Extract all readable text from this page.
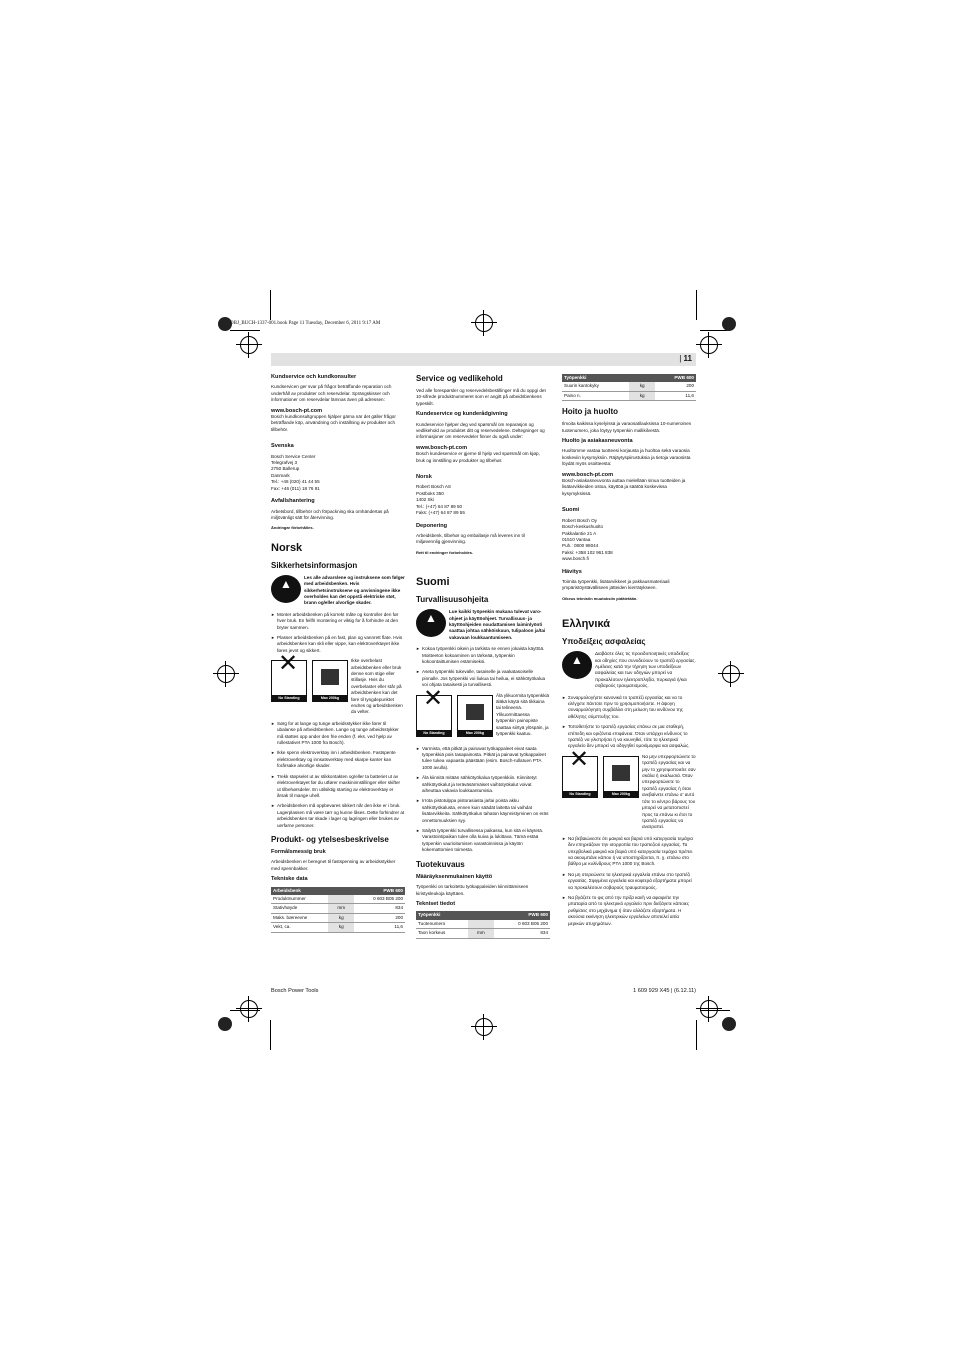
OBJ_BUCH-1337-001.book Page 11 Tuesday, December 6, 2011 9:17 AM
| 11

Kundservice och kundkonsulter

Kundservicen ger svar på frågor beträffande reparation och underhåll av produkter och reservdelar. Sprängskisser och informationer om reservdelar lämnas även på adressen:

www.bosch-pt.com

Bosch kundkonsultgruppen hjälper gärna när det gäller frågor beträffande köp, användning och inställning av produkter och tillbehör.

Svenska

Bosch Service Center
Telegrafvej 3
2750 Ballerup
Danmark
Tel.: +46 (020) 41 44 55
Fax: +46 (011) 18 76 91

Avfallshantering

Arbetsbord, tillbehör och förpackning ska omhändertas på miljövänligt sätt för återvinning.

Ändringar förbehålles.

Norsk
Sikkerhetsinformasjon
▲
Les alle advarslene og instruksene som følger med arbeidsbenken. Hvis sikkerhetsinstruksene og anvisningene ikke overholdes kan det oppstå elektriske støt, brann og/eller alvorlige skader.

► Monter arbeidsbenken på korrekt måte og kontroller den før hver bruk. En feilfri montering er viktig for å forhindre at den bryter sammen.

► Plasser arbeidsbenken på en fast, plan og vannrett flate. Hvis arbeidsbenken kan skli eller vippe, kan elektroverktøyet ikke føres jevnt og sikkert.

✕ No Standing	Max 200kg
Ikke overbelast arbeidsbenken eller bruk denne som stige eller stillasje. Hvis du overbelaster eller står på arbeidsbenken kan det føre til tyngdepunktet endres og arbeidsbenken da velter.

► Sørg for at lange og tunge arbeidsstykker ikke fører til ubalanse på arbeidsbenken. Lange og tunge arbeidsstykker må støttes opp ander den frie enden (f. eks. ved hjelp av rullestativet PTA 1000 fra Bosch).

► Ikke spenn elektroverktøy inn i arbeidsbenken. Fastspente elektroverktøy og innsatsverktøy med skarpe kanter kan forårsake alvorlige skader.

► Trekk støpselet ut av stikkontakten og/eller ta batteriet ut av elektroverktøyet før du utfører maskininnstillinger eller skifter ut tilbehørsdeler. En utilsiktig starting av elektroverktøy er årsak til mange uhell.

► Arbeidsbenken må oppbevares sikkert når den ikke er i bruk. Lagerplassen må være tørr og kunne låses. Dette forhindrer at arbeidsbenken tar skade i lager og lagringen eller brukes av uerfarne personer.

Produkt- og ytelsesbeskrivelse

Formålsmessig bruk

Arbeidsbenken er beregnet til fastspenning av arbeidsstykker med spennbakker.

Tekniske data

Arbeidsbenk		PWB 600
Produktnummer		0 603 B05 200
Stativhøyde	mm	834
Maks. bæreevne	kg	200
Vekt, ca.	kg	11,6
Service og vedlikehold

Ved alle forespørsler og reservedelsbestillinger må du oppgi det 10-sifrede produktnummeret som er angitt på arbeidsbenkens typeskilt.

Kundeservice og kunderådgivning

Kundeservice hjelper deg ved spørsmål om reparasjon og vedlikehold av produktet ditt og reservedelene. Deltegninger og informasjoner om reservedeler finner du også under:

www.bosch-pt.com

Bosch kundeservice er gjerne til hjelp ved spørsmål om kjøp, bruk og innstilling av produkter og tilbehør.

Norsk

Robert Bosch AS
Postboks 350
1402 Ski
Tel.: (+47) 64 87 89 50
Faks: (+47) 64 87 89 55

Deponering

Arbeidsbenk, tilbehør og emballasje må leveres inn til miljøvennlig gjenvinning.

Rett til endringer forbeholdes.

Suomi
Turvallisuusohjeita
▲
Lue kaikki työpenkin mukana tulevat varo-ohjeet ja käyttöohjeet. Turvallisuus- ja käyttöohjeiden noudattamisen laiminlyönti saattaa johtaa sähköiskuun, tulipaloon ja/tai vakavaan loukkaantumiseen.

► Kokoa työpenkki oikein ja tarkista se ennen jokaista käyttöä. Moitteeton kokoaminen on tärkeää, työpenkin kokoontaittumisen estämiseksi.

► Aseta työpenkki tukevalle, tasaiselle ja vaakatasoiselle pinnalle. Jos työpenkki voi liukua tai heilua, ei sähkötyökalua voi ohjata tasaisesti ja turvallisesti.

✕ No Standing	Max 200kg
Älä ylikuormita työpenkkiä äläkä käytä sitä tikkaina tai telineenä. Ylikuormittaessa työpenkin painopiste saattaa siirtyä ylöspäin, ja työpenkki kaatuu.

► Varmista, että pitkät ja painavat työkappaleet eivat saata työpenkkiä pois tasapainosta. Pitkät ja painavat työkappaleet tulee tukea vapaasta päästään (esim. Bosch-rullatuen PTA 1000 avulla).

► Älä kiinnitä mitään sähkötyökalua työpenkkiin. Kiinnitetyt sähkötyökalut ja teräväsärmäiset vaihtotyökalut voivat aiheuttaa vakavia loukkaantumisia.

► Irrota pistotulppa pistorasiasta ja/tai poista akku sähkötyökalusta, ennen kuin säädät laitetta tai vaihdat lisätarvikkeita. Sähkötyökalun tahaton käynnistyminen on eräs onnettomuuksien syy.

► Säilytä työpenkki turvallisessa paikassa, kun sitä ei käytetä. Varastointipaikan tulee olla kuiva ja lukittava. Tämä estää työpenkin vaurioitumisen varastoinnissa ja käytön kokemattomien toimesta.

Tuotekuvaus

Määräyksenmukainen käyttö

Työpenkki on tarkoitettu työkappaleiden kiinnittämiseen kiristysleukoja käyttäen.

Tekniset tiedot

Työpenkki		PWB 600
Tuotenumero		0 603 B05 200
Taon korkeus	mm	834
Työpenkki		PWB 600
Suurin kantokyky	kg	200
Paino n.	kg	11,6
Hoito ja huolto

Ilmoita kaikissa kyselyissä ja varaosatilauksissa 10-numeroinen tuotenumero, joka löytyy työpenkin mallikilvestä.

Huolto ja asiakasneuvonta

Huoltomme vastaa tuotteesi korjausta ja huoltoa sekä varaosia koskeviin kysymyksiin. Räjäytyspiirustuksia ja tietoja varaosista löydät myös osoitteesta:

www.bosch-pt.com

Bosch-asiakasneuvonta auttaa mielellään sinua tuotteiden ja lisätarvikkeiden ostoa, käyttöä ja säätöä koskevissa kysymyksissä.

Suomi

Robert Bosch Oy
Bosch-keskushuolto
Pakkalantie 21 A
01510 Vantaa
Puh.: 0800 98044
Faksi: +358 102 961 838
www.bosch.fi

Hävitys

Toimita työpenkki, lisätarvikkeet ja pakkausmateriaali ympäristöystävälliseen jätteiden kierrätykseen.

Oikeus teknisiin muutoksiin pidätetään.

Ελληνικά
Υποδείξεις ασφαλείας
▲
Διαβάστε όλες τις προειδοποιητικές υποδείξεις και οδηγίες που συνοδεύουν το τραπέζι εργασίας. Αμέλειες κατά την τήρηση των υποδείξεων ασφαλείας και των οδηγιών μπορεί να προκαλέσουν ηλεκτροπληξία, πυρκαγιά ή/και σοβαρούς τραυματισμούς.

► Συναρμολογήστε κανονικά το τραπέζι εργασίας και να το ελέγχετε πάντοτε πριν το χρησιμοποιήσετε. Η άψογη συναρμολόγηση συμβάλλει στη μείωση του κινδύνου της αθέλητης σύμπτυξης του.

► Τοποθετήστε το τραπέζι εργασίας επάνω σε μια σταθερή, επίπεδη και οριζόντια επιφάνεια. Όταν υπάρχει κίνδυνος το τραπέζι να γλιστρήσει ή να κουνηθεί, τότε το ηλεκτρικό εργαλείο δεν μπορεί να οδηγηθεί ομοιόμορφα και ασφαλώς.

✕ No Standing	Max 200kg
Να μην υπερφορτώνετε το τραπέζι εργασίας και να μην το χρησιμοποιείτε σαν σκάλα ή σκαλωσιά. Όταν υπερφορτώνετε το τραπέζι εργασίας ή όταν ανεβαίνετε επάνω σ' αυτό τότε το κέντρο βάρους του μπορεί να μετατοπιστεί προς τα επάνω κι έτσι το τραπέζι εργασίας να ανατραπεί.

► Να βεβαιώνεστε ότι μακριά και βαριά υπό κατεργασία τεμάχια δεν επηρεάζουν την ισορροπία του τραπεζιού εργασίας. Τα υπερβολικά μακριά και βαριά υπό κατεργασία τεμάχια πρέπει να ακουμπάνε κάπου ή να υποστηρίζονται, π. χ. επάνω στο βάθρο με κυλίνδρους PTA 1000 της Bosch.

► Να μη στερεώνετε τα ηλεκτρικά εργαλεία επάνω στο τραπέζι εργασίας. Σφιγμένα εργαλεία και κοφτερά εξαρτήματα μπορεί να προκαλέσουν σοβαρούς τραυματισμούς.

► Να βγάζετε το φις από την πρίζα και/ή να αφαιρείτε την μπαταρία από το ηλεκτρικό εργαλείο πριν διεξάγετε κάποιες ρυθμίσεις στο μηχάνημα ή όταν αλλάζετε εξαρτήματα. Η ακούσια εκκίνηση ηλεκτρικών εργαλείων αποτελεί αιτία μερικών ατυχημάτων.

Bosch Power Tools	1 609 929 X45 | (6.12.11)
